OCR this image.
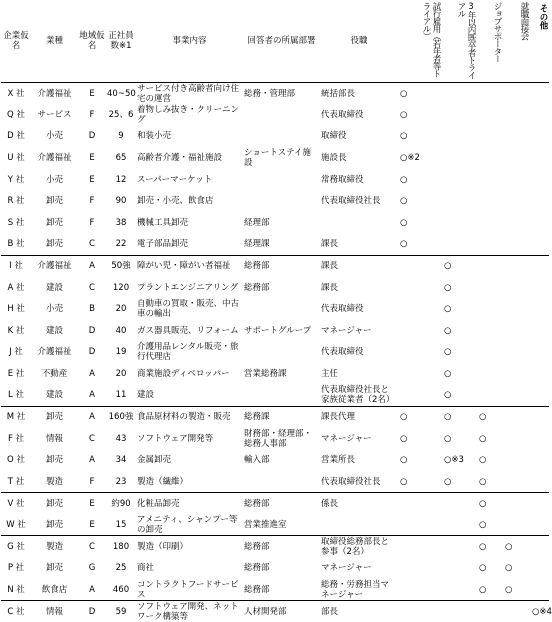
企業仮名	業種	地域仮名	正社員数※1	事業内容	回答者の所属部署	役職	試行雇用（若年者等トライアル）	3年以内既卒者トライアル	ジョブサポーター	就職面接会	その他
X 社	介護福祉	E	40~50	サービス付き高齢者向け住宅の運営	総務・管理部	統括部長	○				
Q 社	サービス	F	25、6	着物しみ抜き・クリーニング		代表取締役	○				
D 社	小売	D	9	和装小売		取締役	○				
U 社	介護福祉	E	65	高齢者介護・福祉施設	ショートステイ施設	施設長	○※2				
Y 社	小売	E	12	スーパーマーケット		常務取締役	○				
R 社	卸売	F	90	卸売・小売、飲食店		代表取締役社長	○				
S 社	卸売	F	38	機械工具卸売	経理部		○				
B 社	卸売	C	22	電子部品卸売	経理課	課長	○				
I 社	介護福祉	A	50強	障がい児・障がい者福祉	総務部	課長		○			
A 社	建設	C	120	プラントエンジニアリング	総務部	課長		○			
H 社	小売	B	20	自動車の買取・販売、中古車の輸出		代表取締役		○			
K 社	建設	D	40	ガス器具販売、リフォーム	サポートグループ	マネージャー		○			
J 社	介護福祉	D	19	介護用品レンタル販売・旅行代理店		代表取締役		○			
E 社	不動産	A	20	商業施設ディベロッパー	営業総務課	主任		○			
L 社	建設	A	11	建設		代表取締役社長と家族従業者（2名）		○			
M 社	卸売	A	160強	食品原材料の製造・販売	総務課	課長代理	○	○	○		
F 社	情報	C	43	ソフトウェア開発等	財務部・経理部・総務人事部	マネージャー	○	○	○		
O 社	卸売	A	34	金属卸売	輸入部	営業所長	○	○※3	○		
T 社	製造	F	23	製造（繊維）		代表取締役社長	○	○	○		
V 社	卸売	E	約90	化粧品卸売	総務部	係長			○		
W 社	卸売	E	15	アメニティ、シャンプー等の卸売	営業推進室				○		
G 社	製造	C	180	製造（印刷）	総務部	取締役総務部長と参事（2名）			○	○	
P 社	卸売	G	25	商社	総務部	マネージャー			○	○	
N 社	飲食店	A	460	コントラクトフードサービス	総務部	総務・労務担当マネージャー			○	○	
C 社	情報	D	59	ソフトウェア開発、ネットワーク構築等	人材開発部	部長					○※4
